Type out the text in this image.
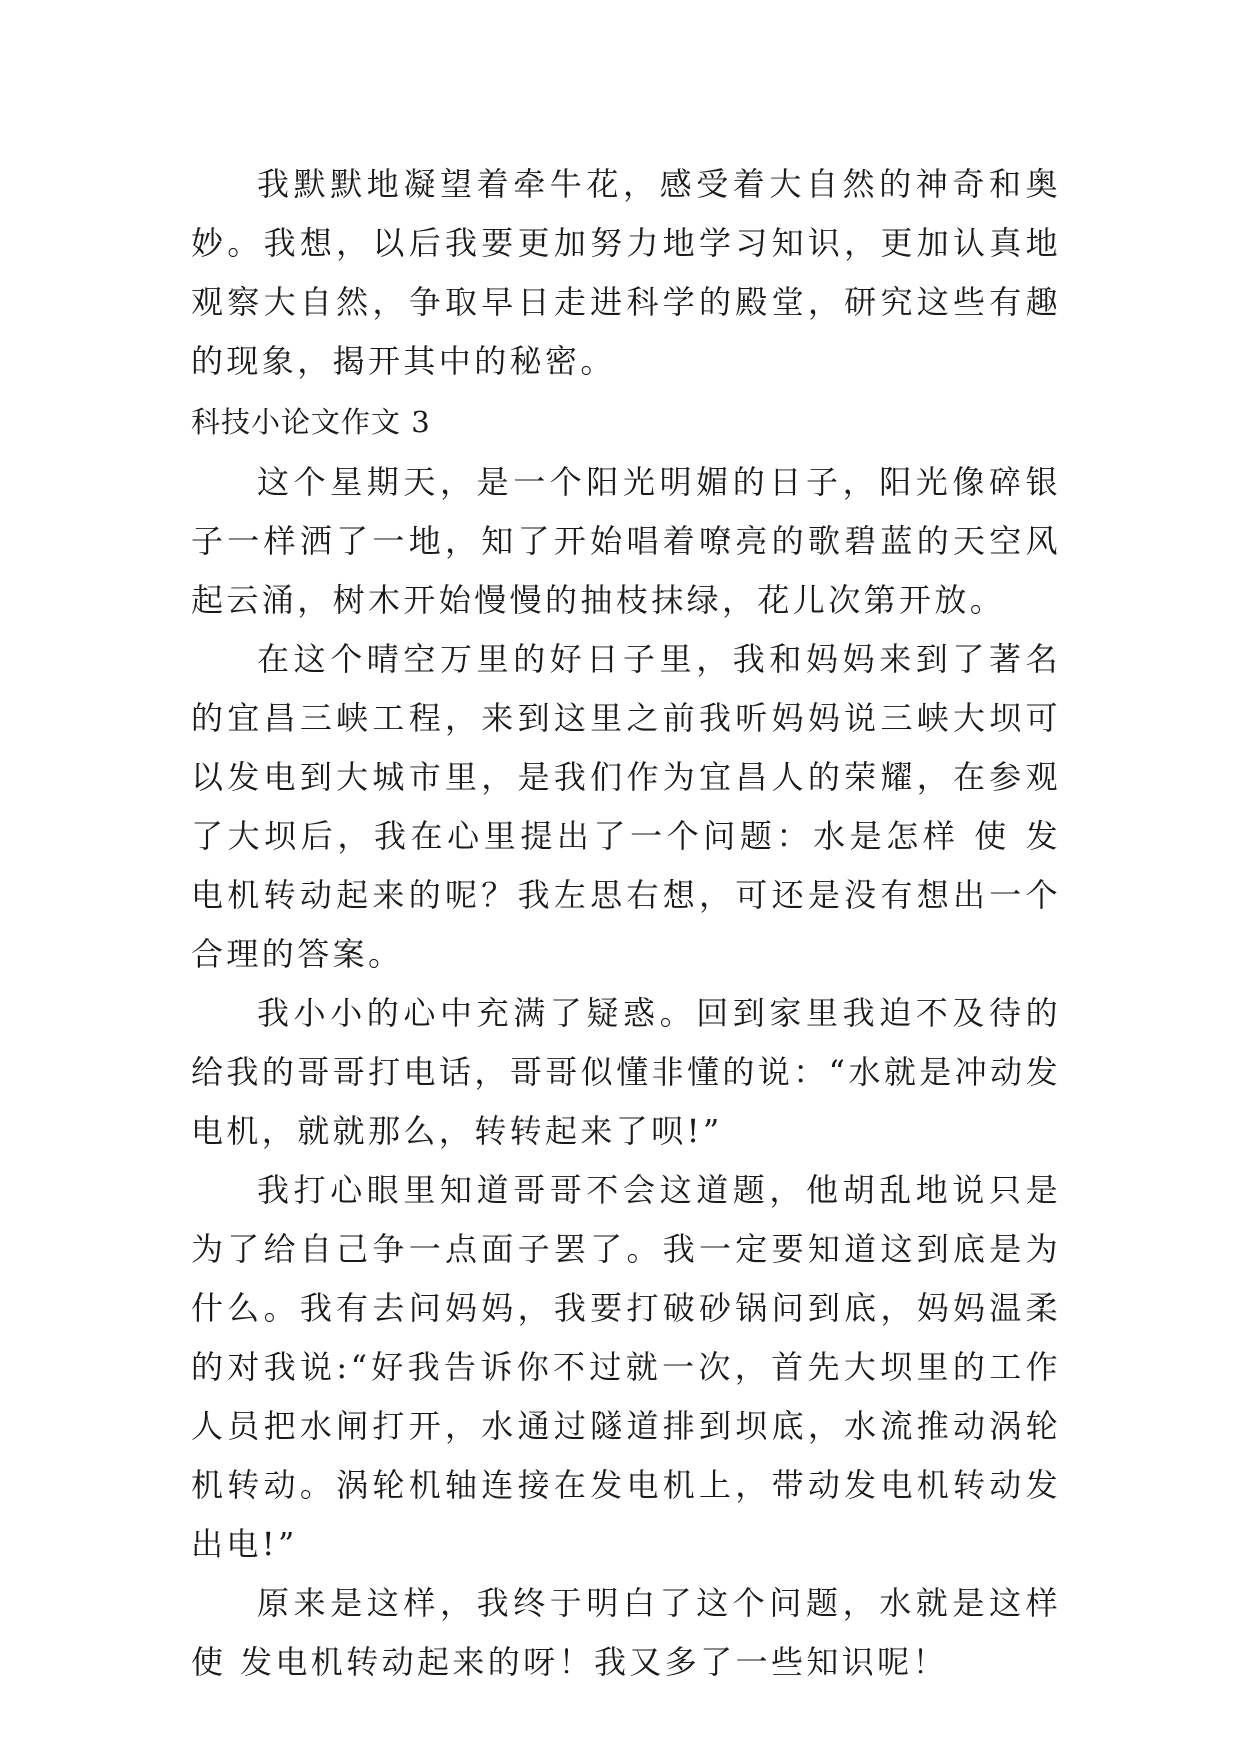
我默默地凝望着牵牛花，感受着大自然的神奇和奥妙。我想，以后我要更加努力地学习知识，更加认真地观察大自然，争取早日走进科学的殿堂，研究这些有趣的现象，揭开其中的秘密。

科技小论文作文 3

这个星期天，是一个阳光明媚的日子，阳光像碎银子一样洒了一地，知了开始唱着嘹亮的歌碧蓝的天空风起云涌，树木开始慢慢的抽枝抹绿，花儿次第开放。

在这个晴空万里的好日子里，我和妈妈来到了著名的宜昌三峡工程，来到这里之前我听妈妈说三峡大坝可以发电到大城市里，是我们作为宜昌人的荣耀，在参观了大坝后，我在心里提出了一个问题：水是怎样 使 发电机转动起来的呢？我左思右想，可还是没有想出一个合理的答案。

我小小的心中充满了疑惑。回到家里我迫不及待的给我的哥哥打电话，哥哥似懂非懂的说：“水就是冲动发电机，就就那么，转转起来了呗!”

我打心眼里知道哥哥不会这道题，他胡乱地说只是为了给自己争一点面子罢了。我一定要知道这到底是为什么。我有去问妈妈，我要打破砂锅问到底，妈妈温柔的对我说:“好我告诉你不过就一次，首先大坝里的工作人员把水闸打开，水通过隧道排到坝底，水流推动涡轮机转动。涡轮机轴连接在发电机上，带动发电机转动发出电!”

原来是这样，我终于明白了这个问题，水就是这样 使 发电机转动起来的呀！我又多了一些知识呢！
